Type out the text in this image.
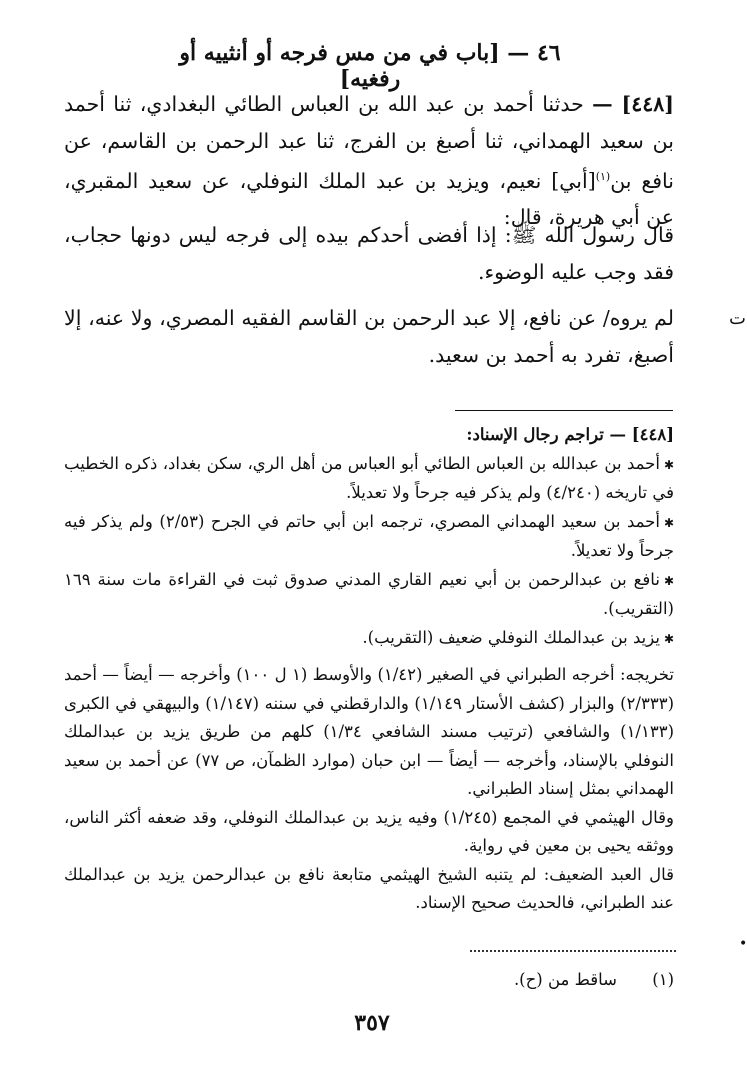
٤٦ — [باب في من مس فرجه أو أنثييه أو رفغيه]
[٤٤٨] — حدثنا أحمد بن عبد الله بن العباس الطائي البغدادي، ثنا أحمد بن سعيد الهمداني، ثنا أصبغ بن الفرج، ثنا عبد الرحمن بن القاسم، عن نافع بن$^{(١)}$[أبي] نعيم، ويزيد بن عبد الملك النوفلي، عن سعيد المقبري، عن أبي هريرة، قال:
قال رسول الله ﷺ: إذا أفضى أحدكم بيده إلى فرجه ليس دونها حجاب، فقد وجب عليه الوضوء.
لم يروه/ عن نافع، إلا عبد الرحمن بن القاسم الفقيه المصري، ولا عنه، إلا أصبغ، تفرد به أحمد بن سعيد.

[٤٤٨] — تراجم رجال الإسناد:

✱أحمد بن عبدالله بن العباس الطائي أبو العباس من أهل الري، سكن بغداد، ذكره الخطيب في تاريخه (٤/٢٤٠) ولم يذكر فيه جرحاً ولا تعديلاً.

✱أحمد بن سعيد الهمداني المصري، ترجمه ابن أبي حاتم في الجرح (٢/٥٣) ولم يذكر فيه جرحاً ولا تعديلاً.

✱نافع بن عبدالرحمن بن أبي نعيم القاري المدني صدوق ثبت في القراءة مات سنة ١٦٩ (التقريب).

✱يزيد بن عبدالملك النوفلي ضعيف (التقريب).

تخريجه: أخرجه الطبراني في الصغير (١/٤٢) والأوسط (١ ل ١٠٠) وأخرجه — أيضاً — أحمد (٢/٣٣٣) والبزار (كشف الأستار ١/١٤٩) والدارقطني في سننه (١/١٤٧) والبيهقي في الكبرى (١/١٣٣) والشافعي (ترتيب مسند الشافعي ١/٣٤) كلهم من طريق يزيد بن عبدالملك النوفلي بالإسناد، وأخرجه — أيضاً — ابن حبان (موارد الظمآن، ص ٧٧) عن أحمد بن سعيد الهمداني بمثل إسناد الطبراني.

وقال الهيثمي في المجمع (١/٢٤٥) وفيه يزيد بن عبدالملك النوفلي، وقد ضعفه أكثر الناس، ووثقه يحيى بن معين في رواية.

قال العبد الضعيف: لم يتنبه الشيخ الهيثمي متابعة نافع بن عبدالرحمن يزيد بن عبدالملك عند الطبراني، فالحديث صحيح الإسناد.

(١) ساقط من (ح).
٣٥٧
ت
•
